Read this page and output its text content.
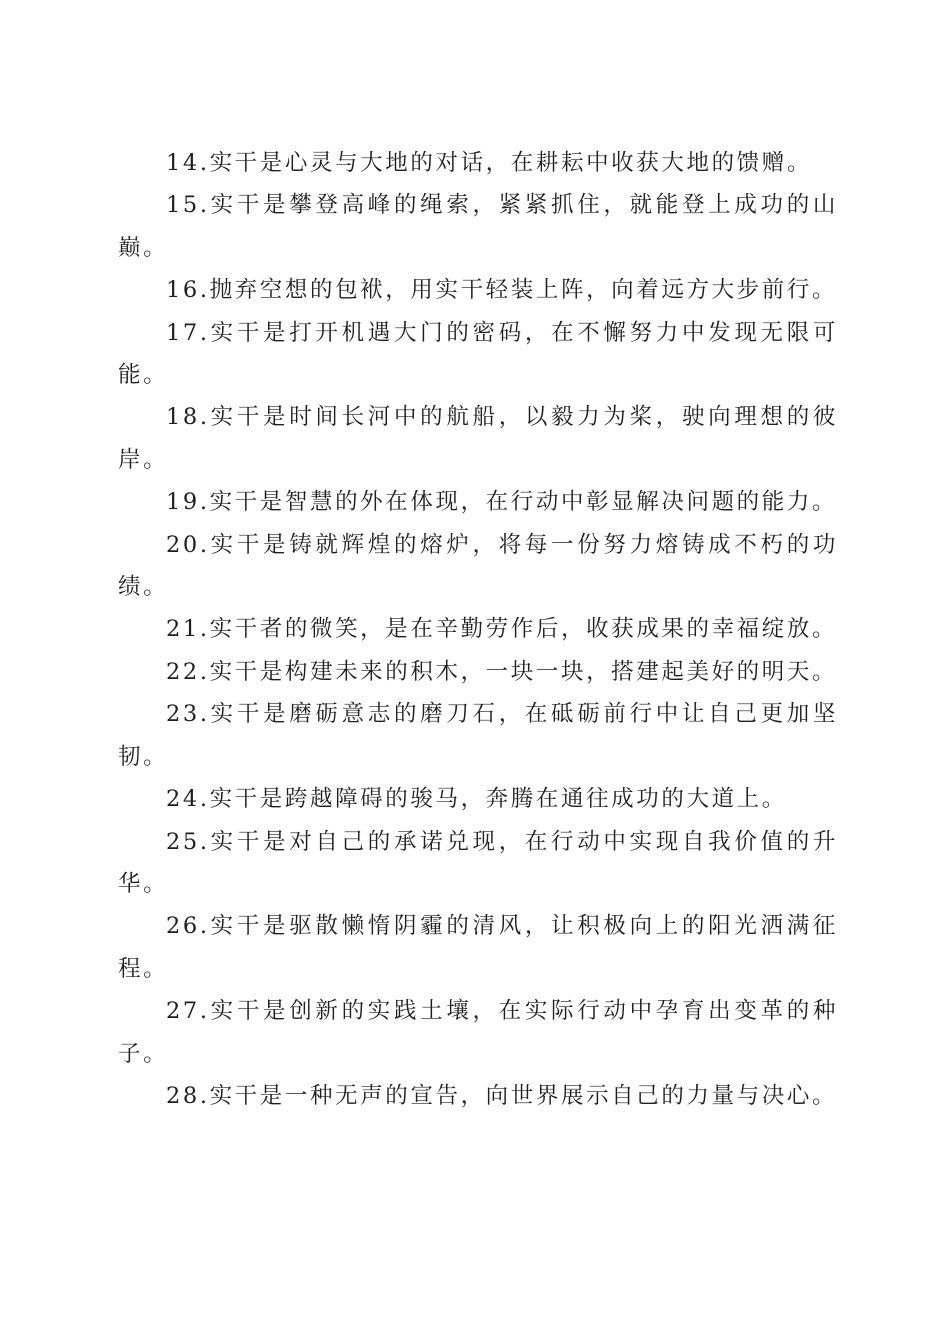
14.实干是心灵与大地的对话，在耕耘中收获大地的馈赠。

15.实干是攀登高峰的绳索，紧紧抓住，就能登上成功的山巅。

16.抛弃空想的包袱，用实干轻装上阵，向着远方大步前行。

17.实干是打开机遇大门的密码，在不懈努力中发现无限可能。

18.实干是时间长河中的航船，以毅力为桨，驶向理想的彼岸。

19.实干是智慧的外在体现，在行动中彰显解决问题的能力。

20.实干是铸就辉煌的熔炉，将每一份努力熔铸成不朽的功绩。

21.实干者的微笑，是在辛勤劳作后，收获成果的幸福绽放。

22.实干是构建未来的积木，一块一块，搭建起美好的明天。

23.实干是磨砺意志的磨刀石，在砥砺前行中让自己更加坚韧。

24.实干是跨越障碍的骏马，奔腾在通往成功的大道上。

25.实干是对自己的承诺兑现，在行动中实现自我价值的升华。

26.实干是驱散懒惰阴霾的清风，让积极向上的阳光洒满征程。

27.实干是创新的实践土壤，在实际行动中孕育出变革的种子。

28.实干是一种无声的宣告，向世界展示自己的力量与决心。
